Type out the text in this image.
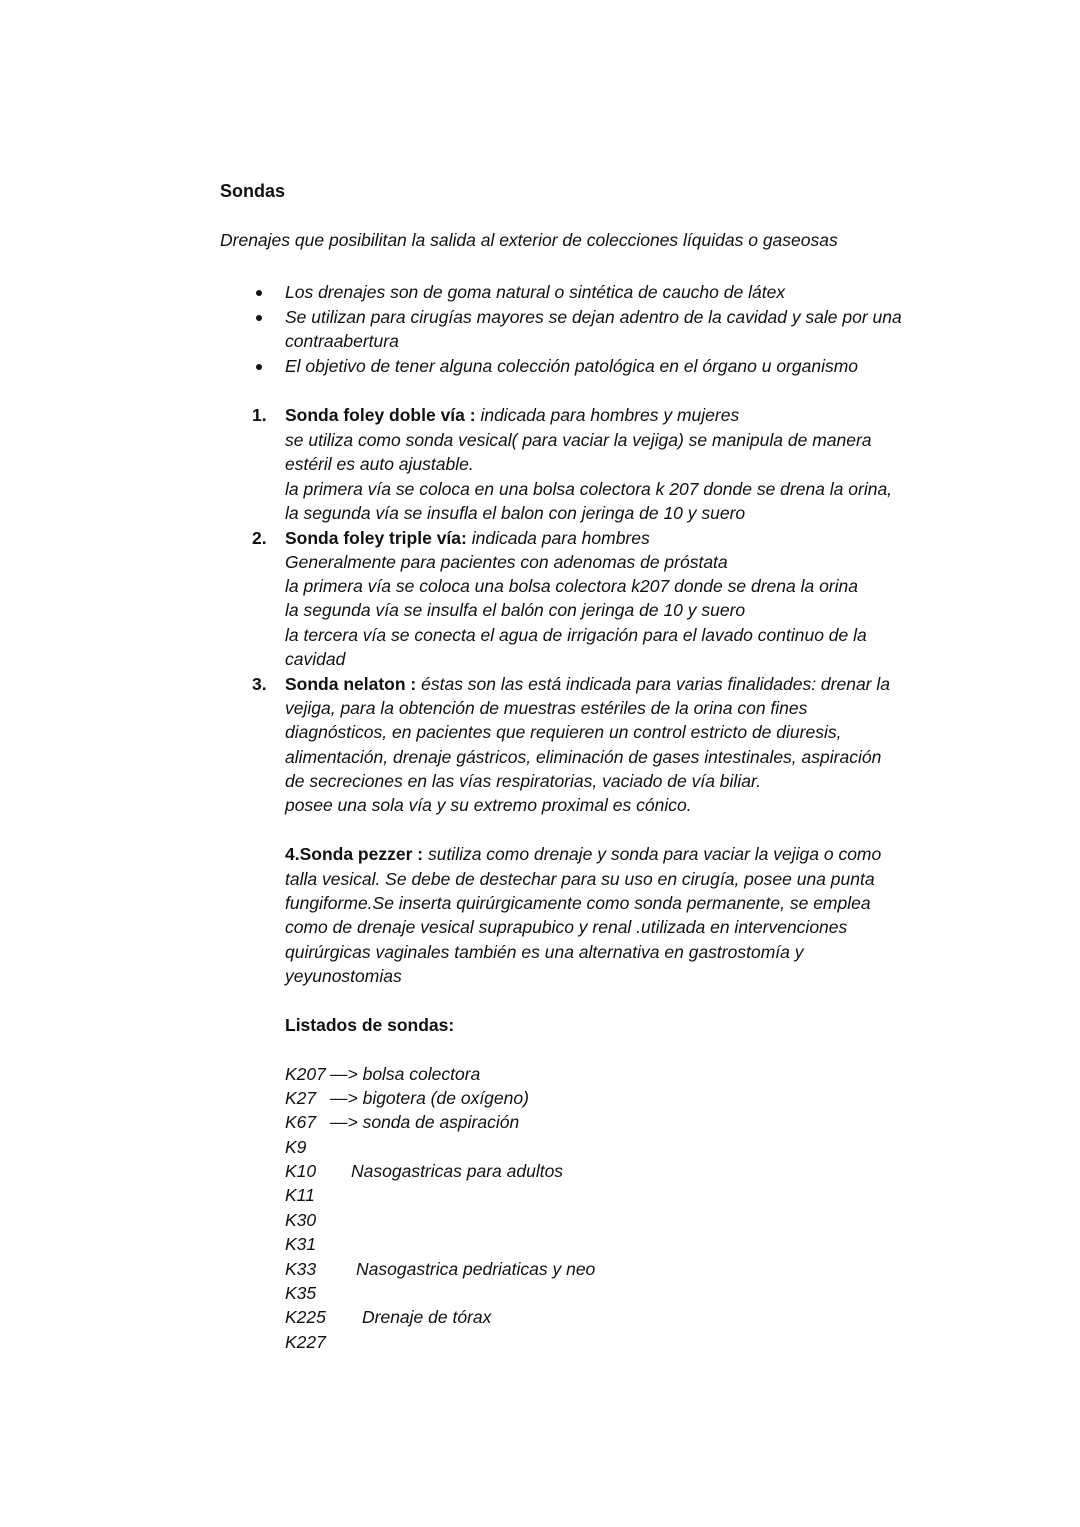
Sondas
Drenajes que posibilitan la salida al exterior de colecciones líquidas o gaseosas
Los drenajes son de goma natural o sintética de caucho de látex
Se utilizan para cirugías mayores se dejan adentro de la cavidad y sale por una
contraabertura
El objetivo de tener alguna colección patológica en el órgano u organismo
1. Sonda foley doble vía : indicada para hombres y mujeres
se utiliza como sonda vesical( para vaciar la vejiga) se manipula de manera
estéril es auto ajustable.
la primera vía se coloca en una bolsa colectora k 207 donde se drena la orina,
la segunda vía se insufla el balon con jeringa de 10 y suero
2. Sonda foley triple vía: indicada para hombres
Generalmente para pacientes con adenomas de próstata
la primera vía se coloca una bolsa colectora k207 donde se drena la orina
la segunda vía se insulfa el balón con jeringa de 10 y suero
la tercera vía se conecta el agua de irrigación para el lavado continuo de la
cavidad
3. Sonda nelaton : éstas son las está indicada para varias finalidades: drenar la
vejiga, para la obtención de muestras estériles de la orina con fines
diagnósticos, en pacientes que requieren un control estricto de diuresis,
alimentación, drenaje gástricos, eliminación de gases intestinales, aspiración
de secreciones en las vías respiratorias, vaciado de vía biliar.
posee una sola vía y su extremo proximal es cónico.
4.Sonda pezzer : sutiliza como drenaje y sonda para vaciar la vejiga o como
talla vesical. Se debe de destechar para su uso en cirugía, posee una punta
fungiforme.Se inserta quirúrgicamente como sonda permanente, se emplea
como de drenaje vesical suprapubico y renal .utilizada en intervenciones
quirúrgicas vaginales también es una alternativa en gastrostomía y
yeyunostomias
Listados de sondas:
K207 —> bolsa colectora
K27 —> bigotera (de oxígeno)
K67 —> sonda de aspiración
K9
K10 Nasogastricas para adultos
K11
K30
K31
K33 Nasogastrica pedriaticas y neo
K35
K225 Drenaje de tórax
K227
